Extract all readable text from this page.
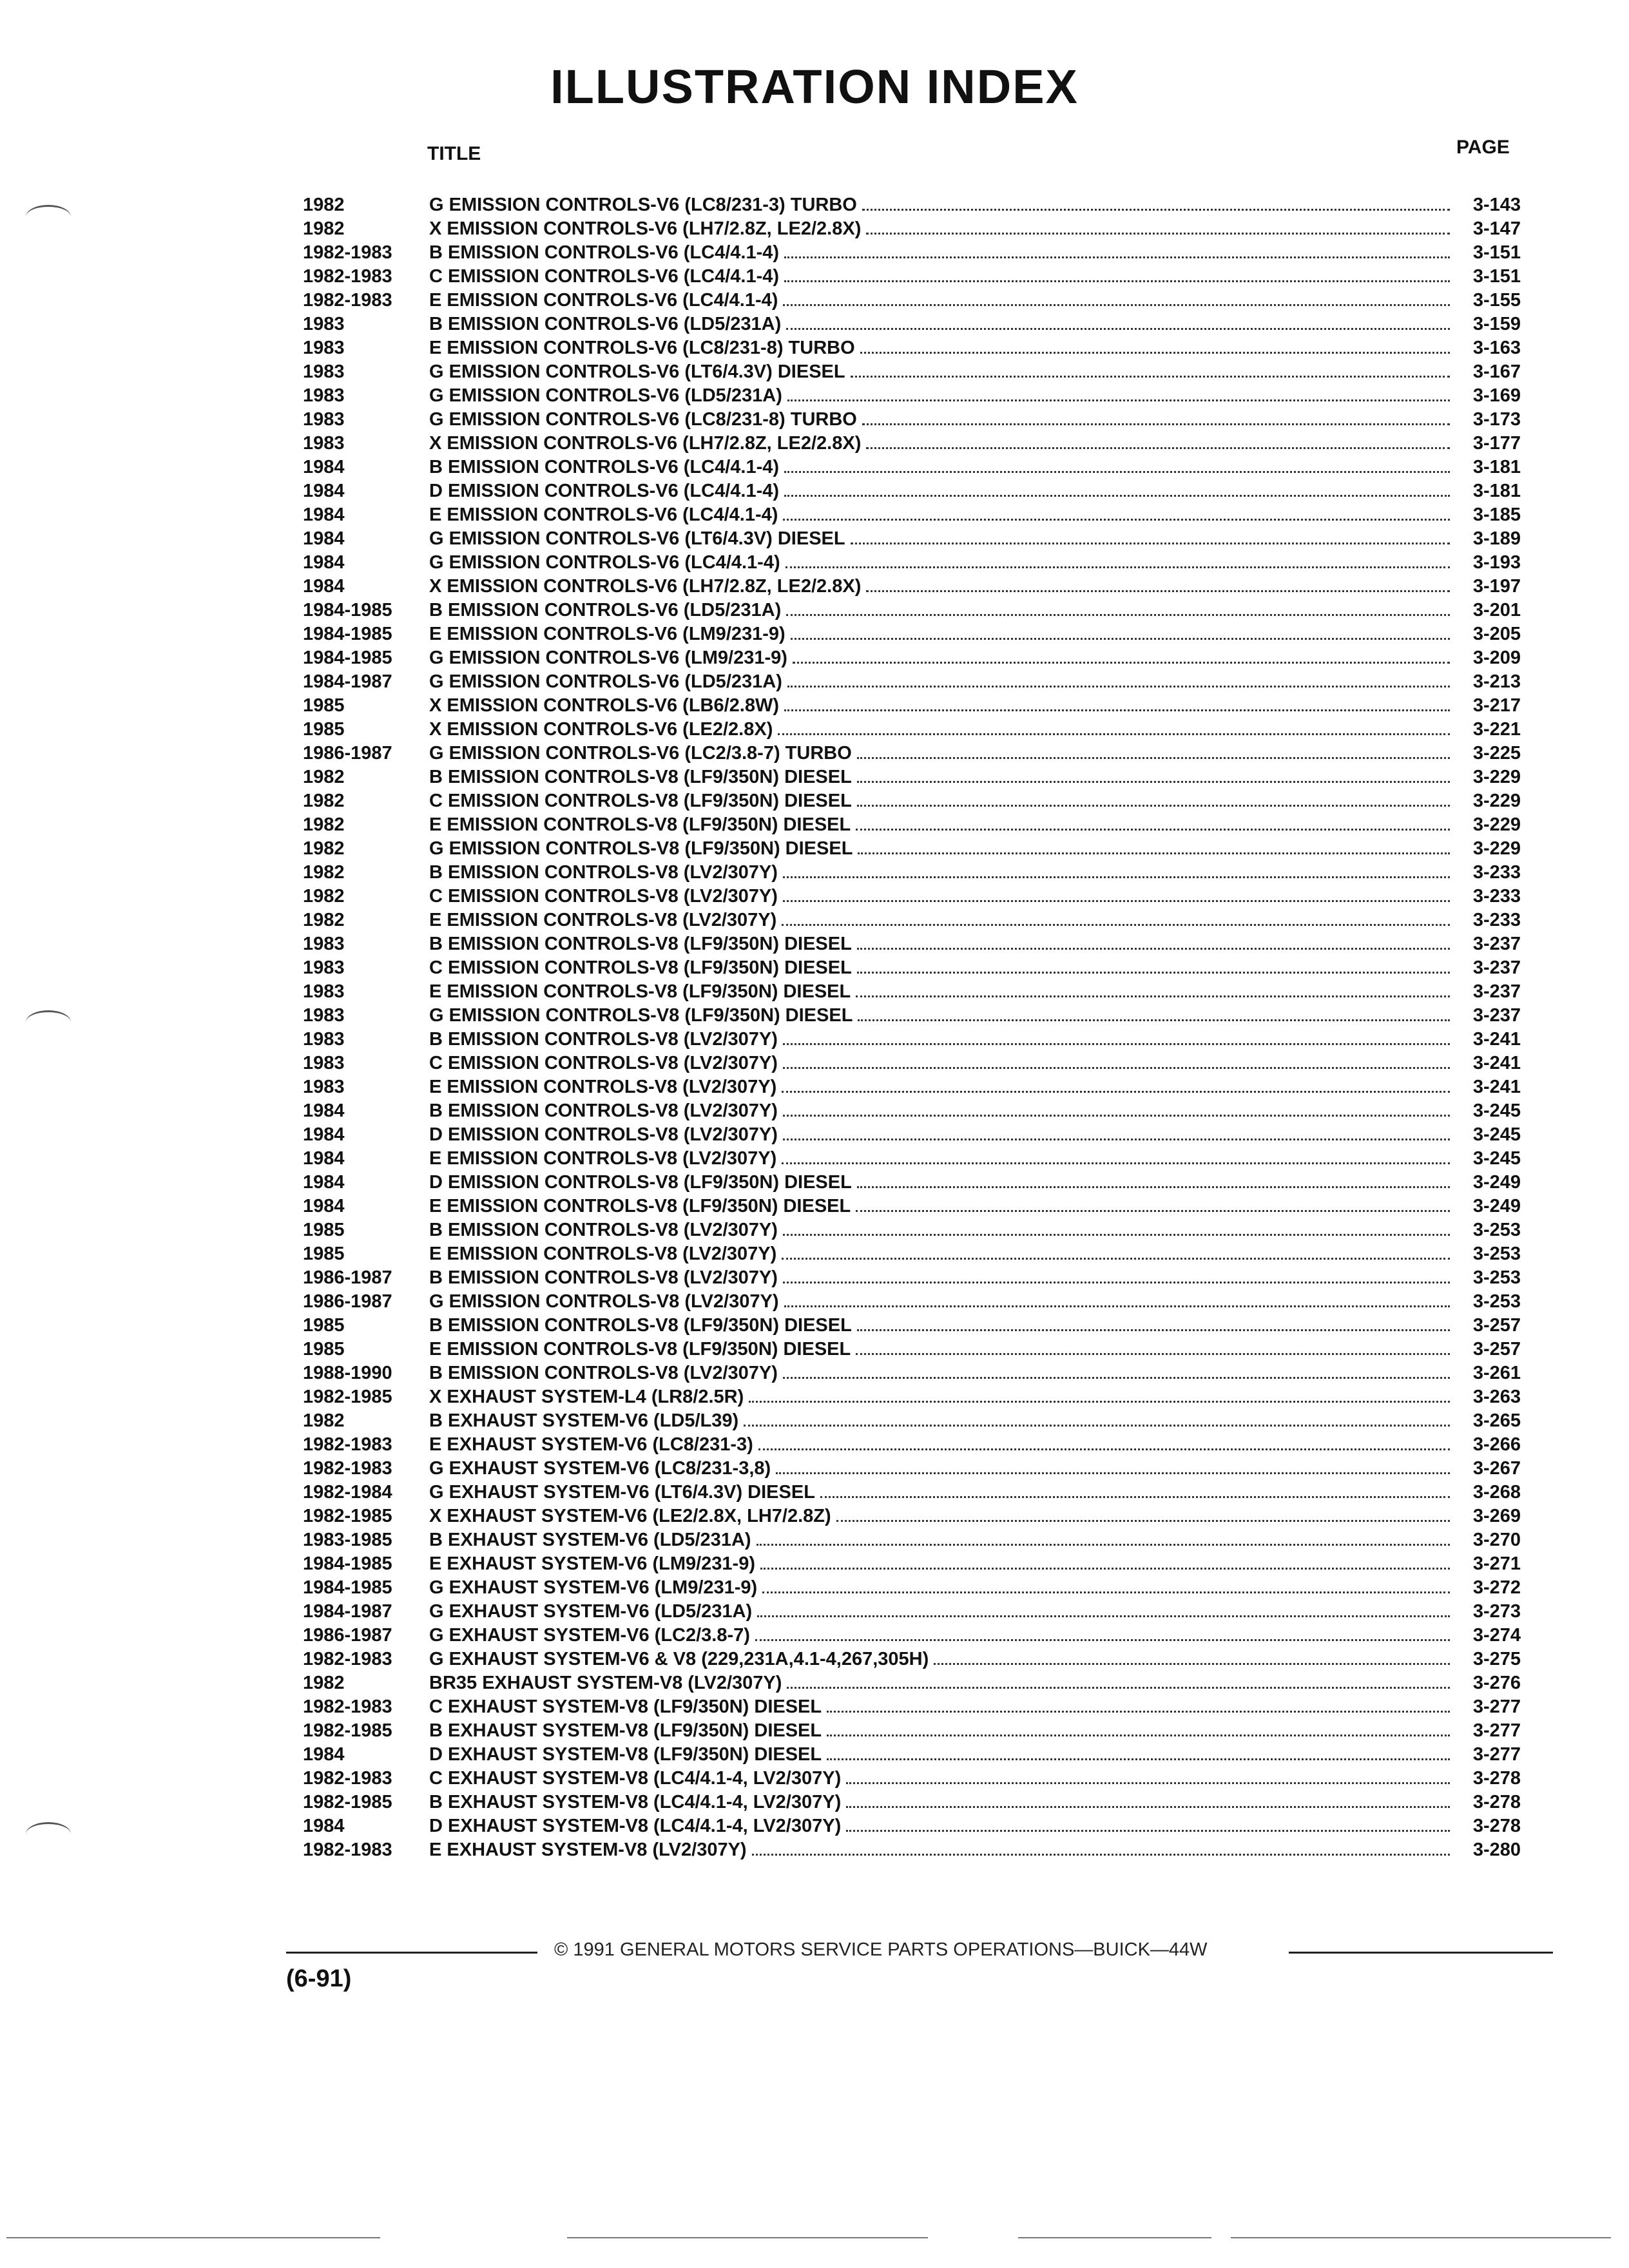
ILLUSTRATION INDEX
TITLE	PAGE
1982	G EMISSION CONTROLS-V6 (LC8/231-3) TURBO	3-143
1982	X EMISSION CONTROLS-V6 (LH7/2.8Z, LE2/2.8X)	3-147
1982-1983	B EMISSION CONTROLS-V6 (LC4/4.1-4)	3-151
1982-1983	C EMISSION CONTROLS-V6 (LC4/4.1-4)	3-151
1982-1983	E EMISSION CONTROLS-V6 (LC4/4.1-4)	3-155
1983	B EMISSION CONTROLS-V6 (LD5/231A)	3-159
1983	E EMISSION CONTROLS-V6 (LC8/231-8) TURBO	3-163
1983	G EMISSION CONTROLS-V6 (LT6/4.3V) DIESEL	3-167
1983	G EMISSION CONTROLS-V6 (LD5/231A)	3-169
1983	G EMISSION CONTROLS-V6 (LC8/231-8) TURBO	3-173
1983	X EMISSION CONTROLS-V6 (LH7/2.8Z, LE2/2.8X)	3-177
1984	B EMISSION CONTROLS-V6 (LC4/4.1-4)	3-181
1984	D EMISSION CONTROLS-V6 (LC4/4.1-4)	3-181
1984	E EMISSION CONTROLS-V6 (LC4/4.1-4)	3-185
1984	G EMISSION CONTROLS-V6 (LT6/4.3V) DIESEL	3-189
1984	G EMISSION CONTROLS-V6 (LC4/4.1-4)	3-193
1984	X EMISSION CONTROLS-V6 (LH7/2.8Z, LE2/2.8X)	3-197
1984-1985	B EMISSION CONTROLS-V6 (LD5/231A)	3-201
1984-1985	E EMISSION CONTROLS-V6 (LM9/231-9)	3-205
1984-1985	G EMISSION CONTROLS-V6 (LM9/231-9)	3-209
1984-1987	G EMISSION CONTROLS-V6 (LD5/231A)	3-213
1985	X EMISSION CONTROLS-V6 (LB6/2.8W)	3-217
1985	X EMISSION CONTROLS-V6 (LE2/2.8X)	3-221
1986-1987	G EMISSION CONTROLS-V6 (LC2/3.8-7) TURBO	3-225
1982	B EMISSION CONTROLS-V8 (LF9/350N) DIESEL	3-229
1982	C EMISSION CONTROLS-V8 (LF9/350N) DIESEL	3-229
1982	E EMISSION CONTROLS-V8 (LF9/350N) DIESEL	3-229
1982	G EMISSION CONTROLS-V8 (LF9/350N) DIESEL	3-229
1982	B EMISSION CONTROLS-V8 (LV2/307Y)	3-233
1982	C EMISSION CONTROLS-V8 (LV2/307Y)	3-233
1982	E EMISSION CONTROLS-V8 (LV2/307Y)	3-233
1983	B EMISSION CONTROLS-V8 (LF9/350N) DIESEL	3-237
1983	C EMISSION CONTROLS-V8 (LF9/350N) DIESEL	3-237
1983	E EMISSION CONTROLS-V8 (LF9/350N) DIESEL	3-237
1983	G EMISSION CONTROLS-V8 (LF9/350N) DIESEL	3-237
1983	B EMISSION CONTROLS-V8 (LV2/307Y)	3-241
1983	C EMISSION CONTROLS-V8 (LV2/307Y)	3-241
1983	E EMISSION CONTROLS-V8 (LV2/307Y)	3-241
1984	B EMISSION CONTROLS-V8 (LV2/307Y)	3-245
1984	D EMISSION CONTROLS-V8 (LV2/307Y)	3-245
1984	E EMISSION CONTROLS-V8 (LV2/307Y)	3-245
1984	D EMISSION CONTROLS-V8 (LF9/350N) DIESEL	3-249
1984	E EMISSION CONTROLS-V8 (LF9/350N) DIESEL	3-249
1985	B EMISSION CONTROLS-V8 (LV2/307Y)	3-253
1985	E EMISSION CONTROLS-V8 (LV2/307Y)	3-253
1986-1987	B EMISSION CONTROLS-V8 (LV2/307Y)	3-253
1986-1987	G EMISSION CONTROLS-V8 (LV2/307Y)	3-253
1985	B EMISSION CONTROLS-V8 (LF9/350N) DIESEL	3-257
1985	E EMISSION CONTROLS-V8 (LF9/350N) DIESEL	3-257
1988-1990	B EMISSION CONTROLS-V8 (LV2/307Y)	3-261
1982-1985	X EXHAUST SYSTEM-L4 (LR8/2.5R)	3-263
1982	B EXHAUST SYSTEM-V6 (LD5/L39)	3-265
1982-1983	E EXHAUST SYSTEM-V6 (LC8/231-3)	3-266
1982-1983	G EXHAUST SYSTEM-V6 (LC8/231-3,8)	3-267
1982-1984	G EXHAUST SYSTEM-V6 (LT6/4.3V) DIESEL	3-268
1982-1985	X EXHAUST SYSTEM-V6 (LE2/2.8X, LH7/2.8Z)	3-269
1983-1985	B EXHAUST SYSTEM-V6 (LD5/231A)	3-270
1984-1985	E EXHAUST SYSTEM-V6 (LM9/231-9)	3-271
1984-1985	G EXHAUST SYSTEM-V6 (LM9/231-9)	3-272
1984-1987	G EXHAUST SYSTEM-V6 (LD5/231A)	3-273
1986-1987	G EXHAUST SYSTEM-V6 (LC2/3.8-7)	3-274
1982-1983	G EXHAUST SYSTEM-V6 & V8 (229,231A,4.1-4,267,305H)	3-275
1982	BR35 EXHAUST SYSTEM-V8 (LV2/307Y)	3-276
1982-1983	C EXHAUST SYSTEM-V8 (LF9/350N) DIESEL	3-277
1982-1985	B EXHAUST SYSTEM-V8 (LF9/350N) DIESEL	3-277
1984	D EXHAUST SYSTEM-V8 (LF9/350N) DIESEL	3-277
1982-1983	C EXHAUST SYSTEM-V8 (LC4/4.1-4, LV2/307Y)	3-278
1982-1985	B EXHAUST SYSTEM-V8 (LC4/4.1-4, LV2/307Y)	3-278
1984	D EXHAUST SYSTEM-V8 (LC4/4.1-4, LV2/307Y)	3-278
1982-1983	E EXHAUST SYSTEM-V8 (LV2/307Y)	3-280
© 1991 GENERAL MOTORS SERVICE PARTS OPERATIONS—BUICK—44W
(6-91)
